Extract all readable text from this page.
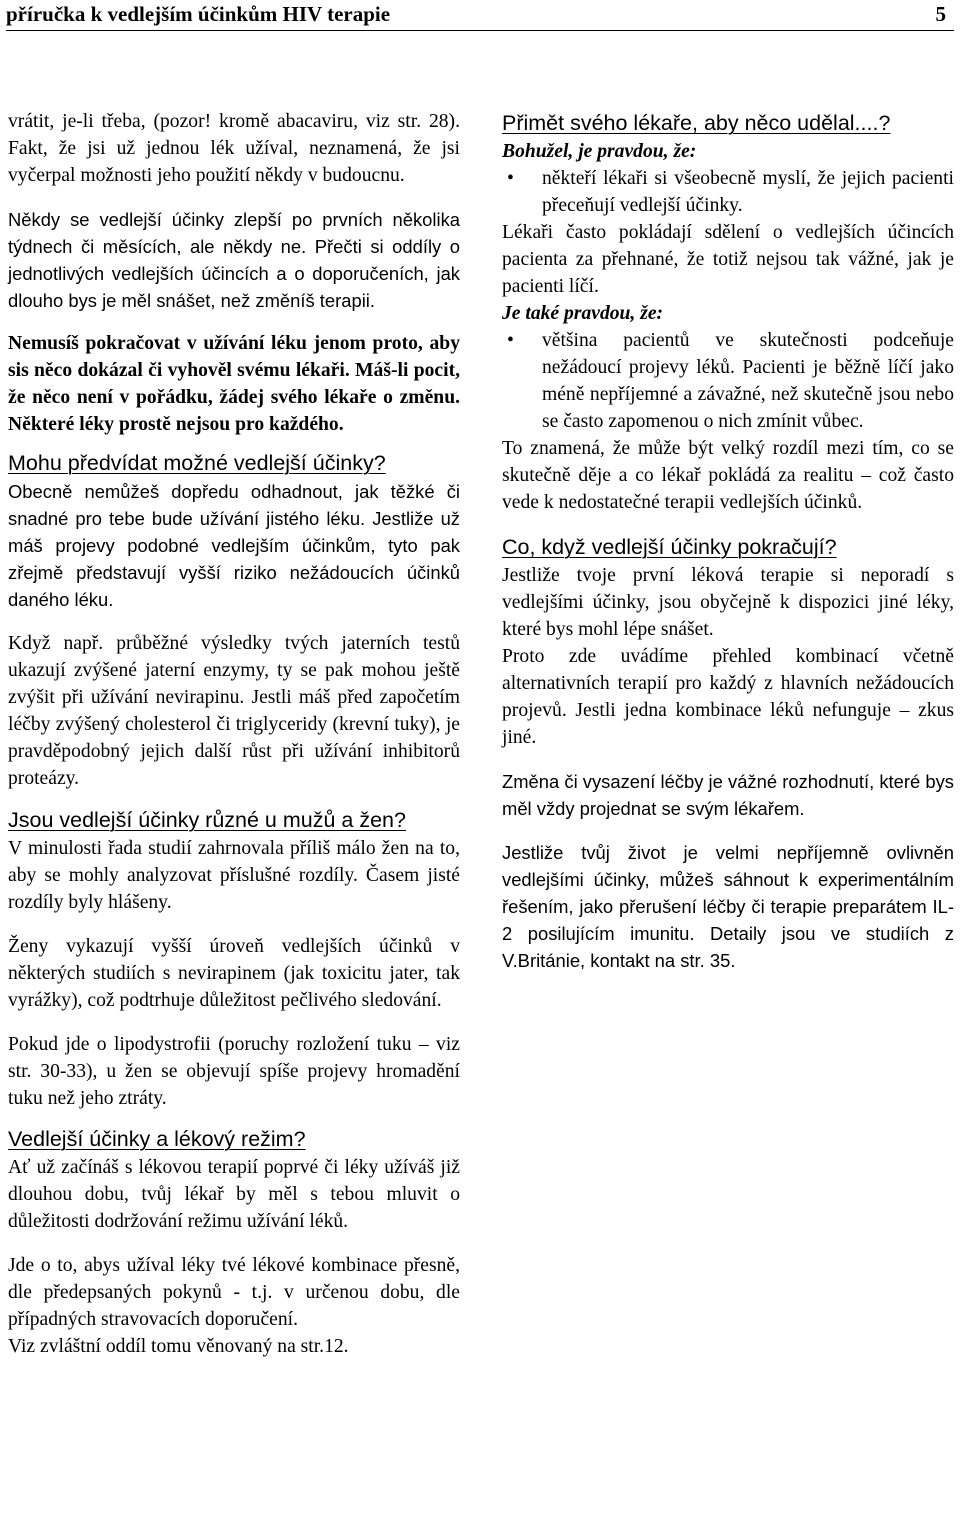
příručka k vedlejším účinkům HIV terapie	5

vrátit, je-li třeba, (pozor! kromě abacaviru, viz str. 28). Fakt, že jsi už jednou lék užíval, neznamená, že jsi vyčerpal možnosti jeho použití někdy v budoucnu.

Někdy se vedlejší účinky zlepší po prvních několika týdnech či měsících, ale někdy ne. Přečti si oddíly o jednotlivých vedlejších účincích a o doporučeních, jak dlouho bys je měl snášet, než změníš terapii.

Nemusíš pokračovat v užívání léku jenom proto, aby sis něco dokázal či vyhověl svému lékaři. Máš-li pocit, že něco není v pořádku, žádej svého lékaře o změnu. Některé léky prostě nejsou pro každého.

Mohu předvídat možné vedlejší účinky?

Obecně nemůžeš dopředu odhadnout, jak těžké či snadné pro tebe bude užívání jistého léku. Jestliže už máš projevy podobné vedlejším účinkům, tyto pak zřejmě představují vyšší riziko nežádoucích účinků daného léku.

Když např. průběžné výsledky tvých jaterních testů ukazují zvýšené jaterní enzymy, ty se pak mohou ještě zvýšit při užívání nevirapinu. Jestli máš před započetím léčby zvýšený cholesterol či triglyceridy (krevní tuky), je pravděpodobný jejich další růst při užívání inhibitorů proteázy.

Jsou vedlejší účinky různé u mužů a žen?

V minulosti řada studií zahrnovala příliš málo žen na to, aby se mohly analyzovat příslušné rozdíly. Časem jisté rozdíly byly hlášeny.

Ženy vykazují vyšší úroveň vedlejších účinků v některých studiích s nevirapinem (jak toxicitu jater, tak vyrážky), což podtrhuje důležitost pečlivého sledování.

Pokud jde o lipodystrofii (poruchy rozložení tuku – viz str. 30-33), u žen se objevují spíše projevy hromadění tuku než jeho ztráty.

Vedlejší účinky a lékový režim?

Ať už začínáš s lékovou terapií poprvé či léky užíváš již dlouhou dobu, tvůj lékař by měl s tebou mluvit o důležitosti dodržování režimu užívání léků.

Jde o to, abys užíval léky tvé lékové kombinace přesně, dle předepsaných pokynů - t.j. v určenou dobu, dle případných stravovacích doporučení.

Viz zvláštní oddíl tomu věnovaný na str.12.

Přimět svého lékaře, aby něco udělal....?

Bohužel, je pravdou, že:

• někteří lékaři si všeobecně myslí, že jejich pacienti přeceňují vedlejší účinky.

Lékaři často pokládají sdělení o vedlejších účincích pacienta za přehnané, že totiž nejsou tak vážné, jak je pacienti líčí.

Je také pravdou, že:

• většina pacientů ve skutečnosti podceňuje nežádoucí projevy léků. Pacienti je běžně líčí jako méně nepříjemné a závažné, než skutečně jsou nebo se často zapomenou o nich zmínit vůbec.

To znamená, že může být velký rozdíl mezi tím, co se skutečně děje a co lékař pokládá za realitu – což často vede k nedostatečné terapii vedlejších účinků.

Co, když vedlejší účinky pokračují?

Jestliže tvoje první léková terapie si neporadí s vedlejšími účinky, jsou obyčejně k dispozici jiné léky, které bys mohl lépe snášet.

Proto zde uvádíme přehled kombinací včetně alternativních terapií pro každý z hlavních nežádoucích projevů. Jestli jedna kombinace léků nefunguje – zkus jiné.

Změna či vysazení léčby je vážné rozhodnutí, které bys měl vždy projednat se svým lékařem.

Jestliže tvůj život je velmi nepříjemně ovlivněn vedlejšími účinky, můžeš sáhnout k experimentálním řešením, jako přerušení léčby či terapie preparátem IL-2 posilujícím imunitu. Detaily jsou ve studiích z V.Británie, kontakt na str. 35.
